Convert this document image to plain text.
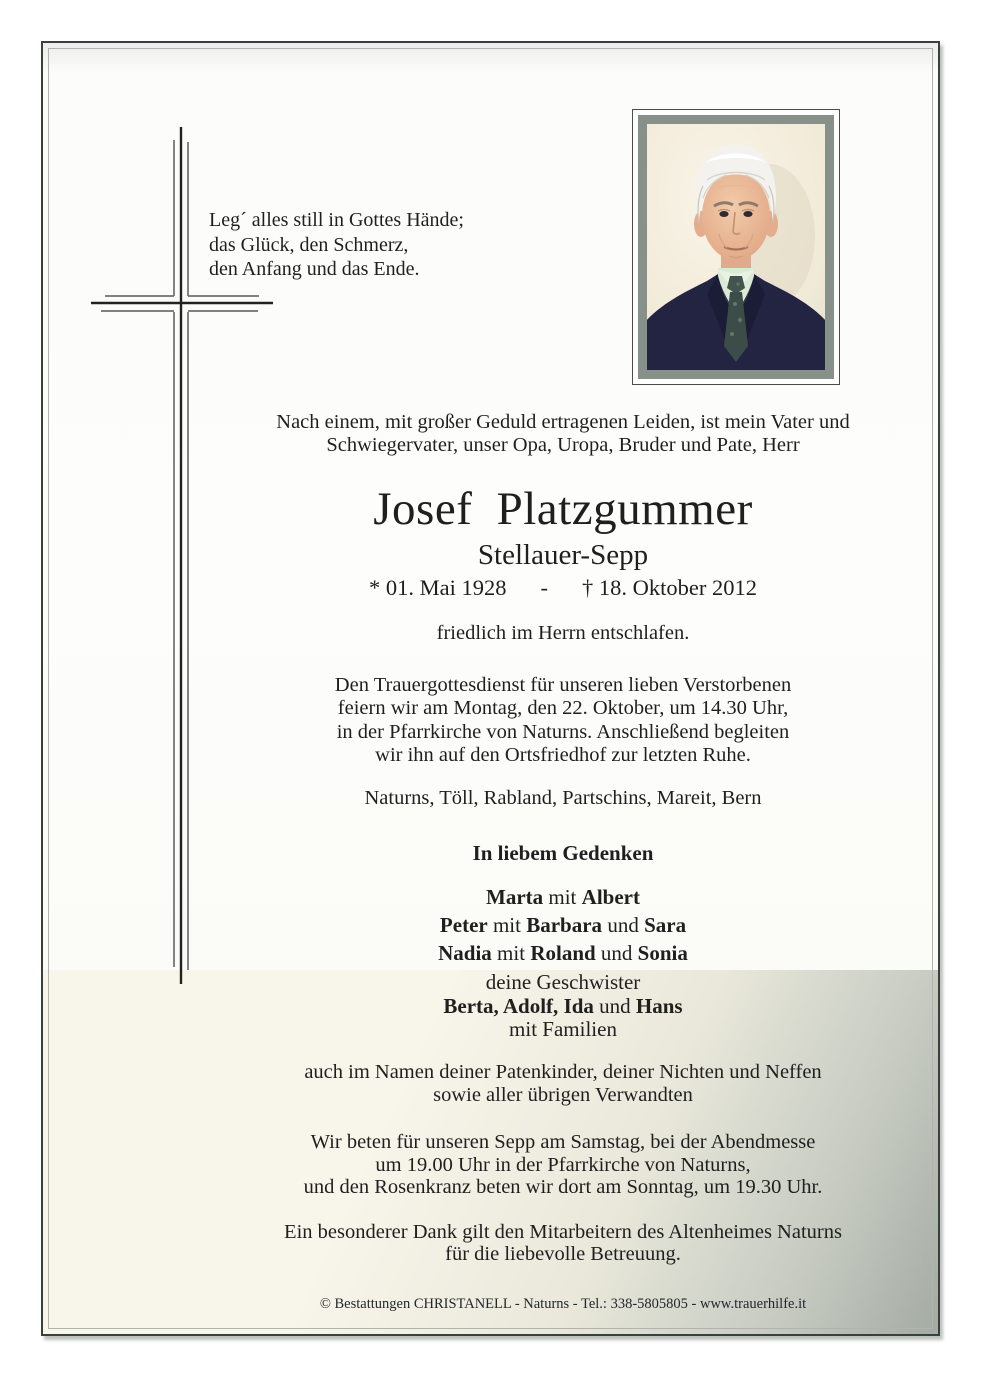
Leg´ alles still in Gottes Hände;
das Glück, den Schmerz,
den Anfang und das Ende.
Nach einem, mit großer Geduld ertragenen Leiden, ist mein Vater und
Schwiegervater, unser Opa, Uropa, Bruder und Pate, Herr
Josef Platzgummer
Stellauer-Sepp
* 01. Mai 1928 - † 18. Oktober 2012
friedlich im Herrn entschlafen.
Den Trauergottesdienst für unseren lieben Verstorbenen
feiern wir am Montag, den 22. Oktober, um 14.30 Uhr,
in der Pfarrkirche von Naturns. Anschließend begleiten
wir ihn auf den Ortsfriedhof zur letzten Ruhe.
Naturns, Töll, Rabland, Partschins, Mareit, Bern
In liebem Gedenken
Marta mit Albert
Peter mit Barbara und Sara
Nadia mit Roland und Sonia
deine Geschwister
Berta, Adolf, Ida und Hans
mit Familien
auch im Namen deiner Patenkinder, deiner Nichten und Neffen
sowie aller übrigen Verwandten
Wir beten für unseren Sepp am Samstag, bei der Abendmesse
um 19.00 Uhr in der Pfarrkirche von Naturns,
und den Rosenkranz beten wir dort am Sonntag, um 19.30 Uhr.
Ein besonderer Dank gilt den Mitarbeitern des Altenheimes Naturns
für die liebevolle Betreuung.
© Bestattungen CHRISTANELL - Naturns - Tel.: 338-5805805 - www.trauerhilfe.it
